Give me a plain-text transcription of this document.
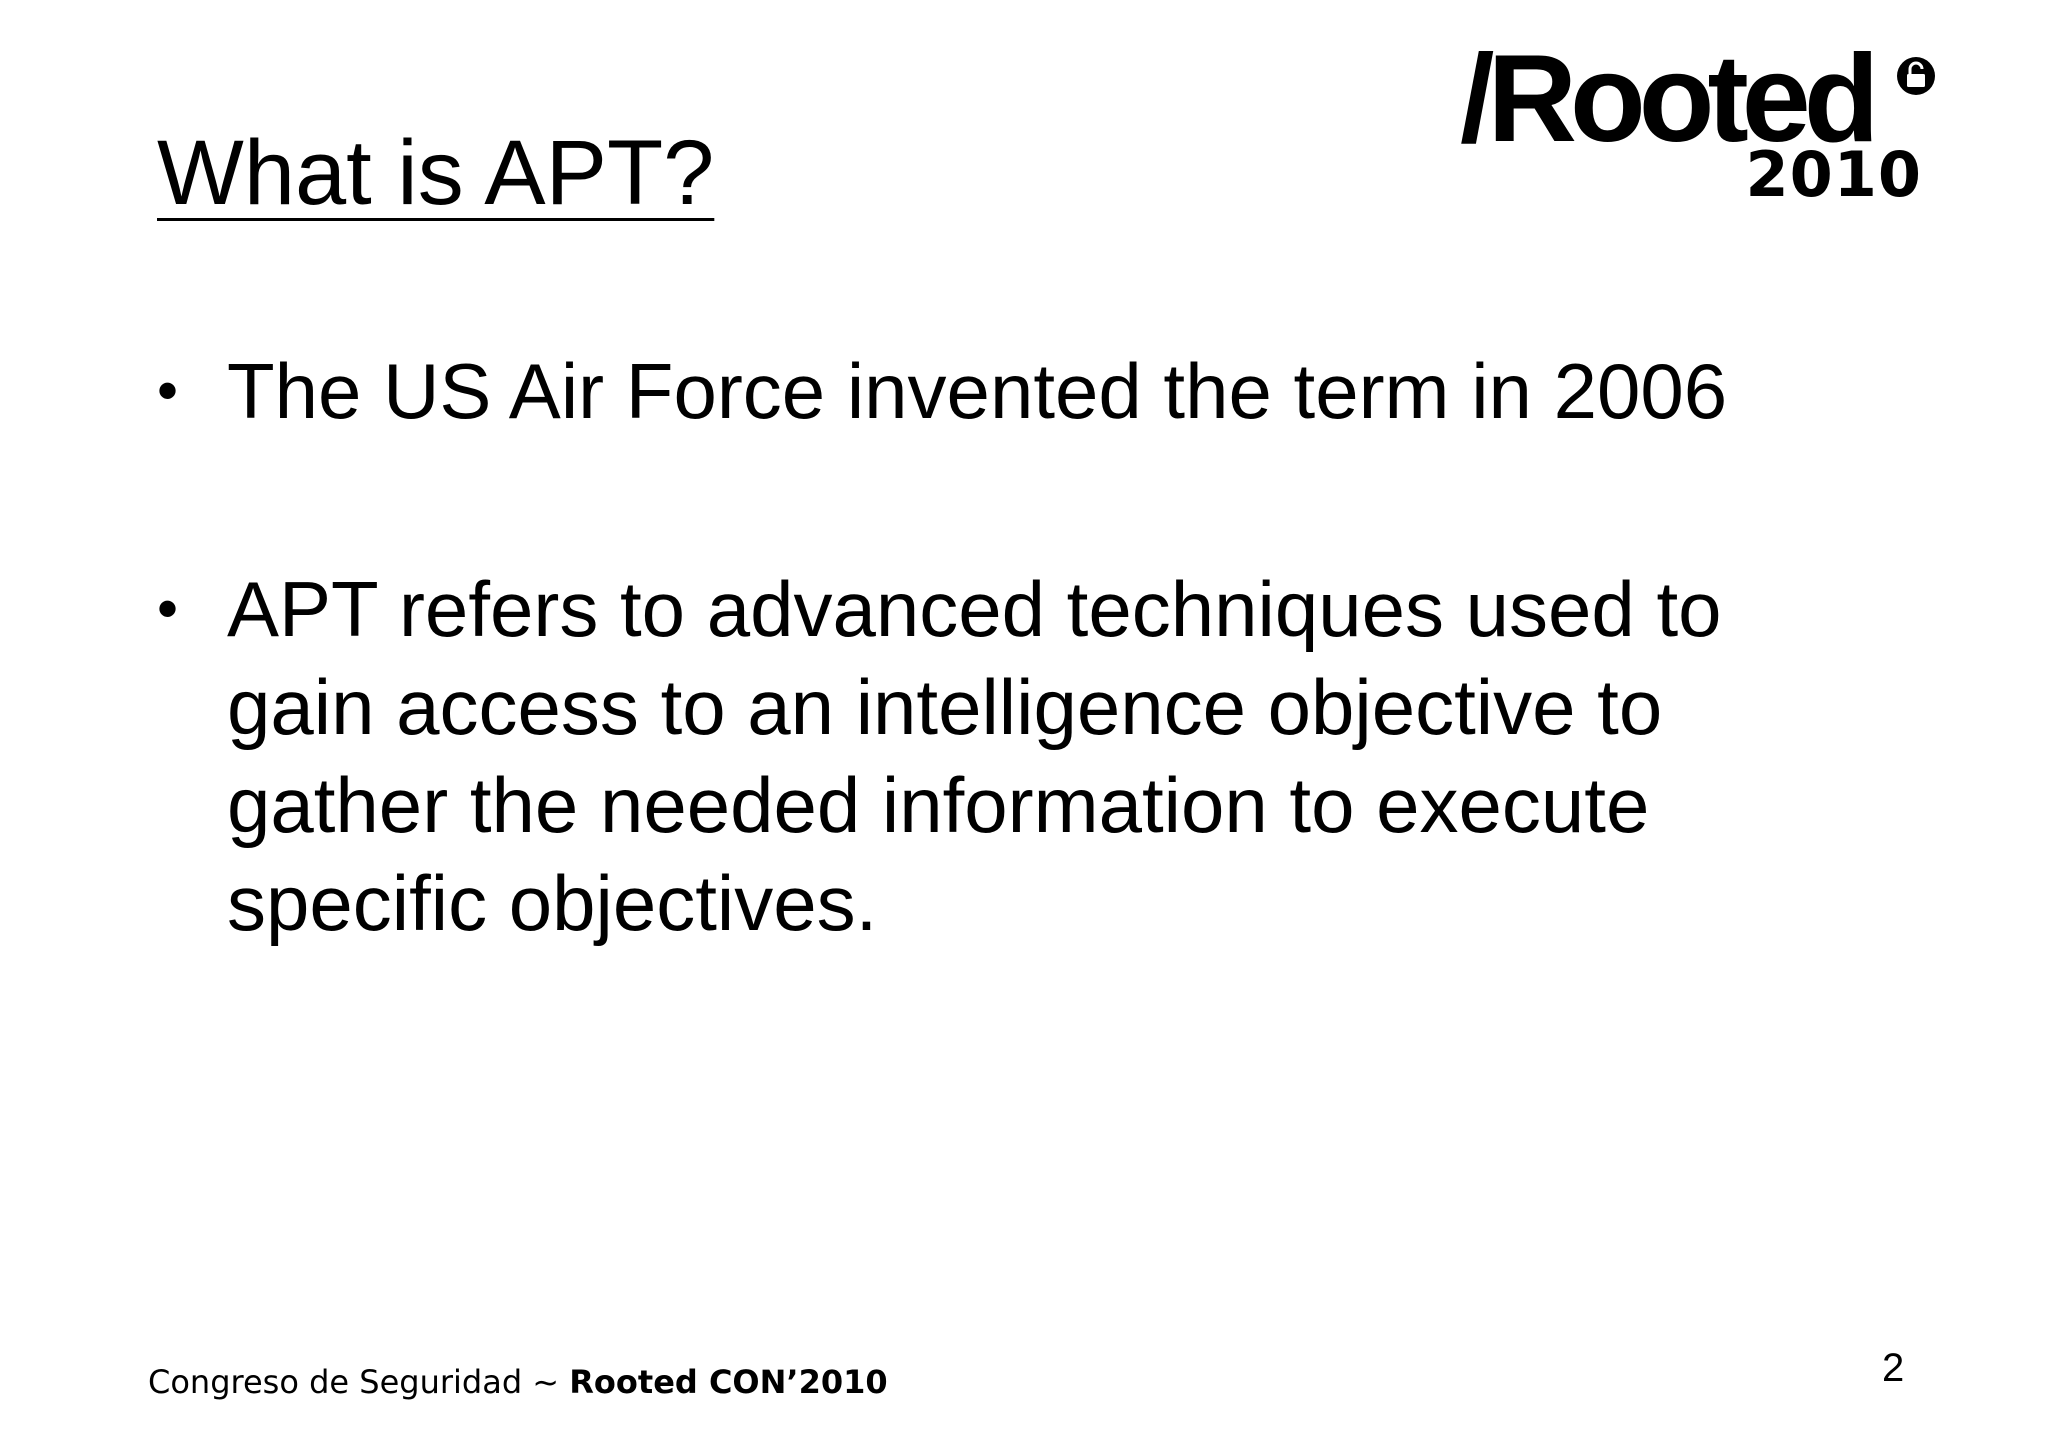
What is APT?
/Rooted
2010
• The US Air Force invented the term in 2006
• APT refers to advanced techniques used to gain access to an intelligence objective to gather the needed information to execute specific objectives.
Congreso de Seguridad ~ Rooted CON’2010	2
